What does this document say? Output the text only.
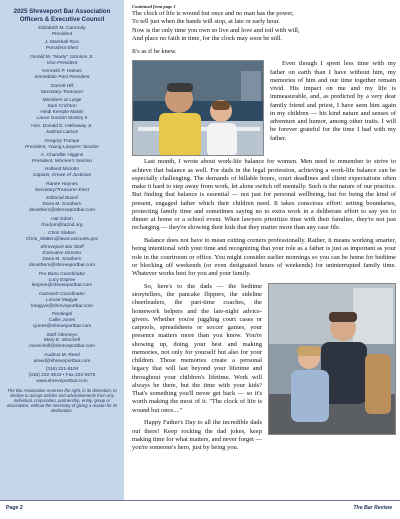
2025 Shreveport Bar Association
Officers & Executive Council
Elizabeth M. Carmody
President
J. Marshall Rice
President-Elect
Gerald M. "Marty" Johnson Jr.
Vice-President
Kenneth P. Haines
Immediate Past President
Garrett Hill
Secretary-Treasurer
Members at Large
Sam Crichton
Heidi Kemple Martin
Lance Gordon Mosley II
Hon. Donald E. Hathaway Jr.
Judicial Liaison
Gregory Trompe
President, Young Lawyers' Section
A. Chandler Higgins
President, Women's Section
Holland Miciotto
Captain, Krewe of Justinian
Ranee Haynes
Secretary/Treasurer-Elect
Editorial Board
Dana M. Southern
dsouthern@shreveportbar.com
Hal Odom
rhodom@la2nd.org
Chris Slatten
Chris_Slatten@lawd.uscourts.gov
Shreveport Bar Staff
Executive Director
Dana M. Southern
dsouthern@shreveportbar.com
Pro Bono Coordinator
Lucy Espree
lespree@shreveportbar.com
Outreach Coordinator
Linnae Magyar
lmagyar@shreveportbar.com
Paralegal
Callie Jones
cjones@shreveportbar.com
Staff Attorneys
Mary E. Winchell
mwinchell@shreveportbar.com
Audrius M. Reed
areed@shreveportbar.com
(318) 221-8104
(318) 222-3643 • Fax 222-9272
www.shreveportbar.com
The Bar Association reserves the right, in its discretion, to decline to accept articles and advertisements from any individual, corporation, partnership, entity, group or association, without the necessity of giving a reason for its declination.
Continued from page 1
The clock of life is wound but once and no man has the power,
To tell just when the hands will stop, at late or early hour.
Now is the only time you own so live and love and toil with will,
And place no faith in time, for the clock may soon be still.

It's as if he knew.

Even though I spent less time with my father on earth than I have without him, my memories of him and our time together remain vivid. His impact on me and my life is immeasurable, and, as predicted by a very dear family friend and priest, I have seen him again in my children — his kind nature and senses of adventure and humor, among other traits. I will be forever grateful for the time I had with my father.

Last month, I wrote about work-life balance for women. Men need to remember to strive to achieve that balance as well. For dads in the legal profession, achieving a work-life balance can be especially challenging. The demands of billable hours, court deadlines and client expectations often make it hard to step away from work, let alone switch off mentally. Such is the nature of our practice. But finding that balance is essential — not just for personal wellbeing, but for being the kind of present, engaged father which their children need. It takes conscious effort: setting boundaries, protecting family time and sometimes saying no to extra work in a deliberate effort to say yes to dinner at home or a school event. When lawyers prioritize time with their families, they're not just recharging — they're showing their kids that they matter more than any case file.

Balance does not have to mean cutting corners professionally. Rather, it means working smarter, being intentional with your time and recognizing that your role as a father is just as important as your role in the courtroom or office. You might consider earlier mornings so you can be home for bedtime or blocking off weekends (or even designated hours of weekends) for uninterrupted family time. Whatever works best for you and your family.

So, here's to the dads — the bedtime storytellers, the pancake flippers, the sideline cheerleaders, the part-time coaches, the homework helpers and the late-night advice-givers. Whether you're juggling court cases or carpools, spreadsheets or soccer games, your presence matters more than you know. You're showing up, doing your best and making memories, not only for yourself but also for your children. Those memories create a personal legacy that will last beyond your lifetime and throughout your children's lifetime. Work will always be there, but the time with your kids? That's something you'll never get back — so it's worth making the most of it. "The clock of life is wound but once...."

Happy Father's Day to all the incredible dads out there! Keep rocking the dad jokes, keep making time for what matters, and never forget — you're someone's hero, just by being you.

Page 2	The Bar Review
